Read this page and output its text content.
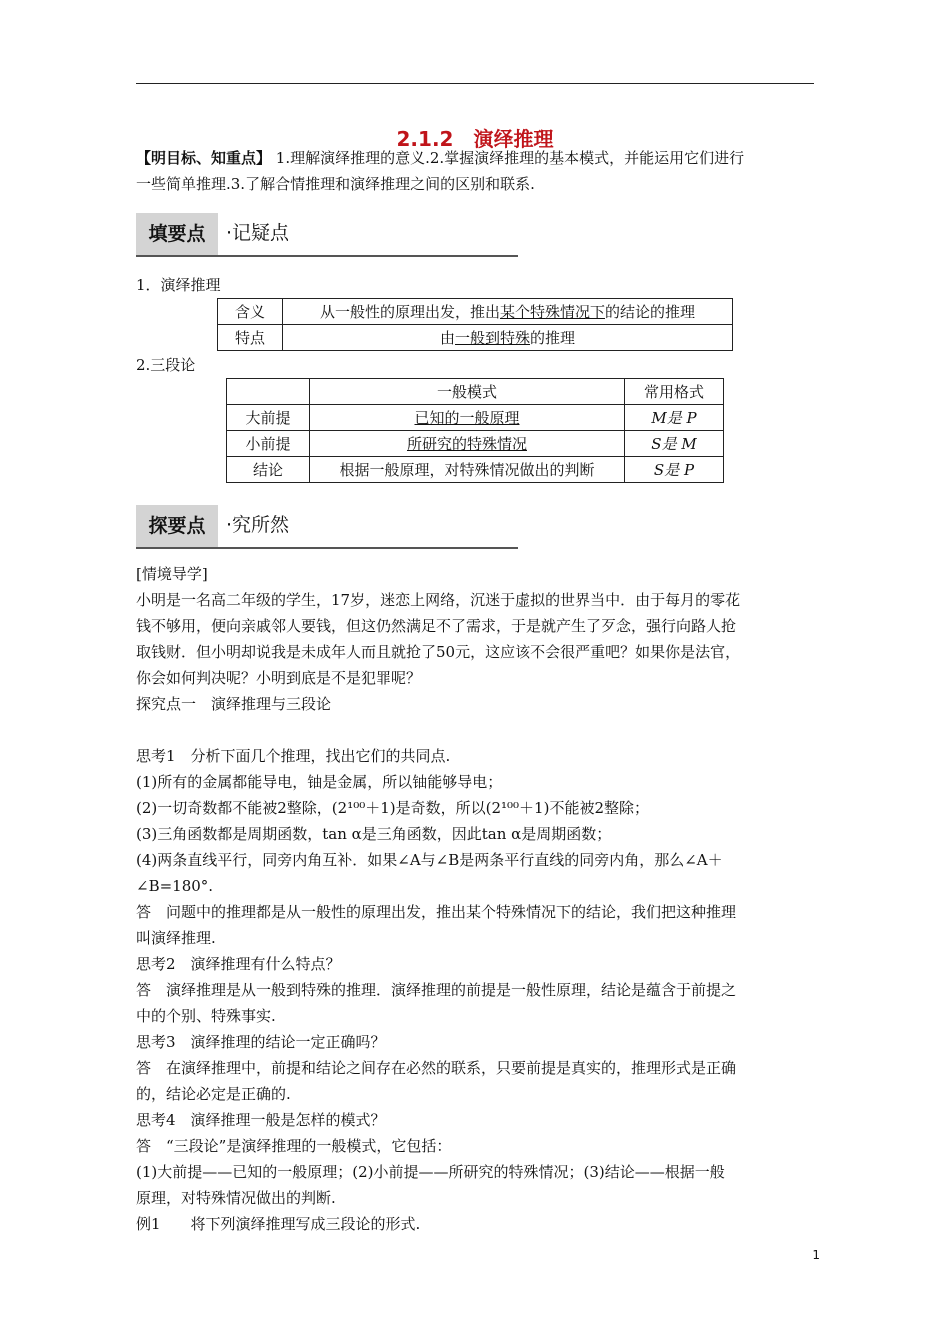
2.1.2　演绎推理
【明目标、知重点】 1.理解演绎推理的意义.2.掌握演绎推理的基本模式，并能运用它们进行
一些简单推理.3.了解合情推理和演绎推理之间的区别和联系.
填要点	·记疑点
1．演绎推理
含义	从一般性的原理出发，推出某个特殊情况下的结论的推理
特点	由一般到特殊的推理
2.三段论
	一般模式	常用格式
大前提	已知的一般原理	M是 P
小前提	所研究的特殊情况	S是 M
结论	根据一般原理，对特殊情况做出的判断	S是 P
探要点	·究所然
[情境导学]
小明是一名高二年级的学生，17岁，迷恋上网络，沉迷于虚拟的世界当中．由于每月的零花
钱不够用，便向亲戚邻人要钱，但这仍然满足不了需求，于是就产生了歹念，强行向路人抢
取钱财．但小明却说我是未成年人而且就抢了50元，这应该不会很严重吧？如果你是法官，
你会如何判决呢？小明到底是不是犯罪呢？
探究点一　演绎推理与三段论
思考1　分析下面几个推理，找出它们的共同点.
(1)所有的金属都能导电，铀是金属，所以铀能够导电；
(2)一切奇数都不能被2整除，(2¹⁰⁰＋1)是奇数，所以(2¹⁰⁰＋1)不能被2整除；
(3)三角函数都是周期函数，tan α是三角函数，因此tan α是周期函数；
(4)两条直线平行，同旁内角互补．如果∠A与∠B是两条平行直线的同旁内角，那么∠A＋
∠B=180°.
答　问题中的推理都是从一般性的原理出发，推出某个特殊情况下的结论，我们把这种推理
叫演绎推理.
思考2　演绎推理有什么特点？
答　演绎推理是从一般到特殊的推理．演绎推理的前提是一般性原理，结论是蕴含于前提之
中的个别、特殊事实.
思考3　演绎推理的结论一定正确吗？
答　在演绎推理中，前提和结论之间存在必然的联系，只要前提是真实的，推理形式是正确
的，结论必定是正确的.
思考4　演绎推理一般是怎样的模式？
答　“三段论”是演绎推理的一般模式，它包括：
(1)大前提——已知的一般原理；(2)小前提——所研究的特殊情况；(3)结论——根据一般
原理，对特殊情况做出的判断.
例1　　将下列演绎推理写成三段论的形式.
1
